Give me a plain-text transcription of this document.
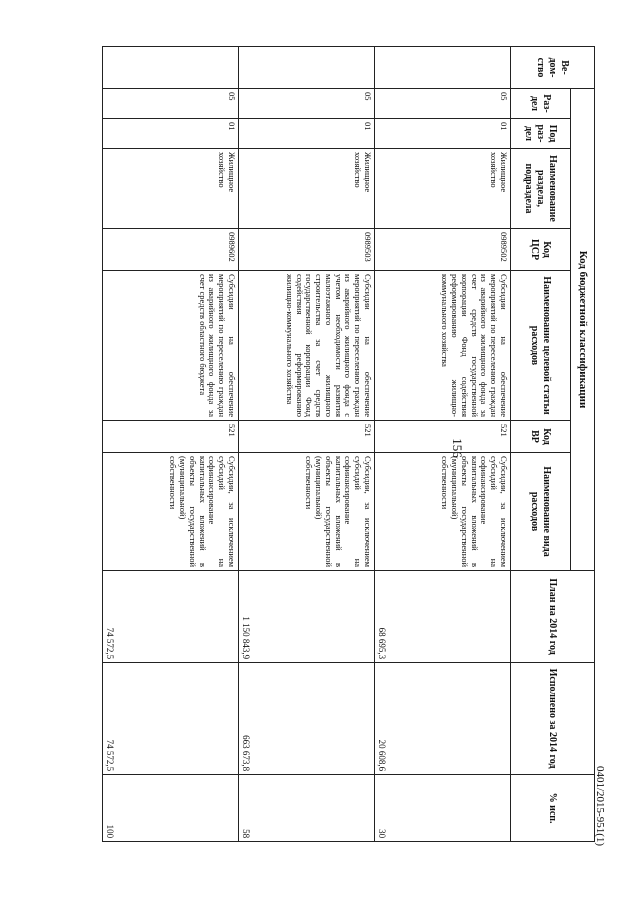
156
Ве-
дом-
ство	Код бюджетной классификации							План на 2014 год	Исполнено за 2014 год	% исп.
	Раз-
дел	Под
раз-
дел	Наименование раздела, подраздела	Код ЦСР	Наименование целевой статьи расходов	Код ВР	Наименование вида расходов			
	05	01	Жилищное хозяйство	0989502	Субсидии на обеспечение мероприятий по переселению граждан из аварийного жилищного фонда за счет средств государственной корпорации Фонд содействия реформированию жилищно-коммунального хозяйства	521	Субсидии, за исключением субсидий на софинансирование капитальных вложений в объекты государственной (муниципальной) собственности	68 695,3	20 608,6	30
	05	01	Жилищное хозяйство	0989503	Субсидии на обеспечение мероприятий по переселению граждан из аварийного жилищного фонда с учетом необходимости развития малоэтажного жилищного строительства за счет средств государственной корпорации Фонд содействия реформированию жилищно-коммунального хозяйства	521	Субсидии, за исключением субсидий на софинансирование капитальных вложений в объекты государственной (муниципальной) собственности	1 150 843,9	663 673,8	58
	05	01	Жилищное хозяйство	0989602	Субсидии на обеспечение мероприятий по переселению граждан из аварийного жилищного фонда за счет средств областного бюджета	521	Субсидии, за исключением субсидий на софинансирование капитальных вложений в объекты государственной (муниципальной) собственности	74 572,5	74 572,5	100	0401/2015-951(1)
